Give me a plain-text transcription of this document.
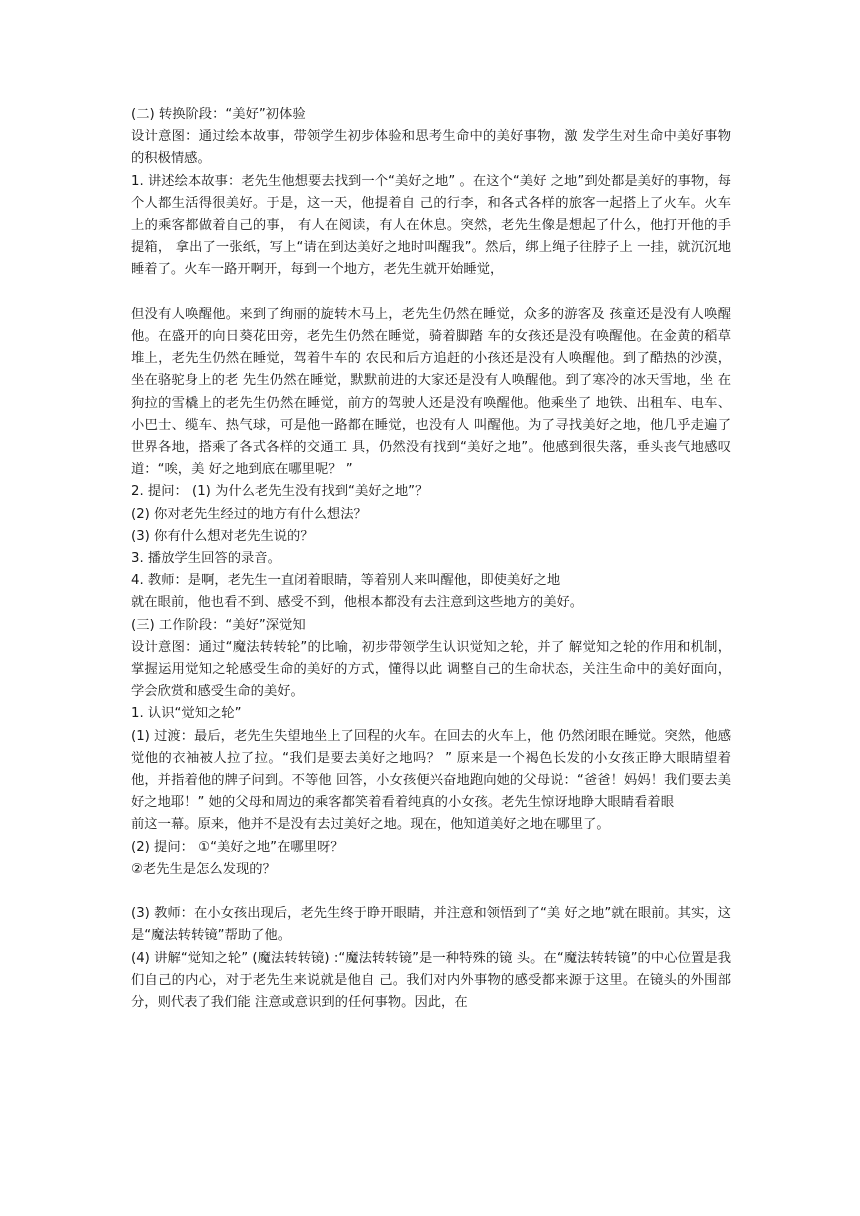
(二) 转换阶段：“美好”初体验

设计意图：通过绘本故事，带领学生初步体验和思考生命中的美好事物，激 发学生对生命中美好事物的积极情感。

1. 讲述绘本故事：老先生他想要去找到一个“美好之地” 。在这个“美好 之地”到处都是美好的事物，每个人都生活得很美好。于是，这一天，他提着自 己的行李，和各式各样的旅客一起搭上了火车。火车上的乘客都做着自己的事， 有人在阅读，有人在休息。突然，老先生像是想起了什么，他打开他的手提箱， 拿出了一张纸，写上“请在到达美好之地时叫醒我”。然后，绑上绳子往脖子上 一挂，就沉沉地睡着了。火车一路开啊开，每到一个地方，老先生就开始睡觉，

但没有人唤醒他。来到了绚丽的旋转木马上，老先生仍然在睡觉，众多的游客及 孩童还是没有人唤醒他。在盛开的向日葵花田旁，老先生仍然在睡觉，骑着脚踏 车的女孩还是没有唤醒他。在金黄的稻草堆上，老先生仍然在睡觉，驾着牛车的 农民和后方追赶的小孩还是没有人唤醒他。到了酷热的沙漠，坐在骆驼身上的老 先生仍然在睡觉，默默前进的大家还是没有人唤醒他。到了寒冷的冰天雪地，坐 在狗拉的雪橇上的老先生仍然在睡觉，前方的驾驶人还是没有唤醒他。他乘坐了 地铁、出租车、电车、小巴士、缆车、热气球，可是他一路都在睡觉，也没有人 叫醒他。为了寻找美好之地，他几乎走遍了世界各地，搭乘了各式各样的交通工 具，仍然没有找到“美好之地”。他感到很失落，垂头丧气地感叹道：“唉，美 好之地到底在哪里呢？ ”

2. 提问： (1) 为什么老先生没有找到“美好之地”？

(2) 你对老先生经过的地方有什么想法？

(3) 你有什么想对老先生说的？

3. 播放学生回答的录音。

4. 教师：是啊，老先生一直闭着眼睛，等着别人来叫醒他，即使美好之地

就在眼前，他也看不到、感受不到，他根本都没有去注意到这些地方的美好。

(三) 工作阶段：“美好”深觉知

设计意图：通过“魔法转转轮”的比喻，初步带领学生认识觉知之轮，并了 解觉知之轮的作用和机制，掌握运用觉知之轮感受生命的美好的方式，懂得以此 调整自己的生命状态，关注生命中的美好面向，学会欣赏和感受生命的美好。

1. 认识“觉知之轮”

(1) 过渡：最后，老先生失望地坐上了回程的火车。在回去的火车上，他 仍然闭眼在睡觉。突然，他感觉他的衣袖被人拉了拉。“我们是要去美好之地吗？ ” 原来是一个褐色长发的小女孩正睁大眼睛望着他，并指着他的牌子问到。不等他 回答，小女孩便兴奋地跑向她的父母说：“爸爸！妈妈！我们要去美好之地耶！” 她的父母和周边的乘客都笑着看着纯真的小女孩。老先生惊讶地睁大眼睛看着眼

前这一幕。原来，他并不是没有去过美好之地。现在，他知道美好之地在哪里了。

(2) 提问： ①“美好之地”在哪里呀？

②老先生是怎么发现的？

(3) 教师：在小女孩出现后，老先生终于睁开眼睛，并注意和领悟到了“美 好之地”就在眼前。其实，这是“魔法转转镜”帮助了他。

(4) 讲解“觉知之轮” (魔法转转镜) :“魔法转转镜”是一种特殊的镜 头。在“魔法转转镜”的中心位置是我们自己的内心，对于老先生来说就是他自 己。我们对内外事物的感受都来源于这里。在镜头的外围部分，则代表了我们能 注意或意识到的任何事物。因此，在
